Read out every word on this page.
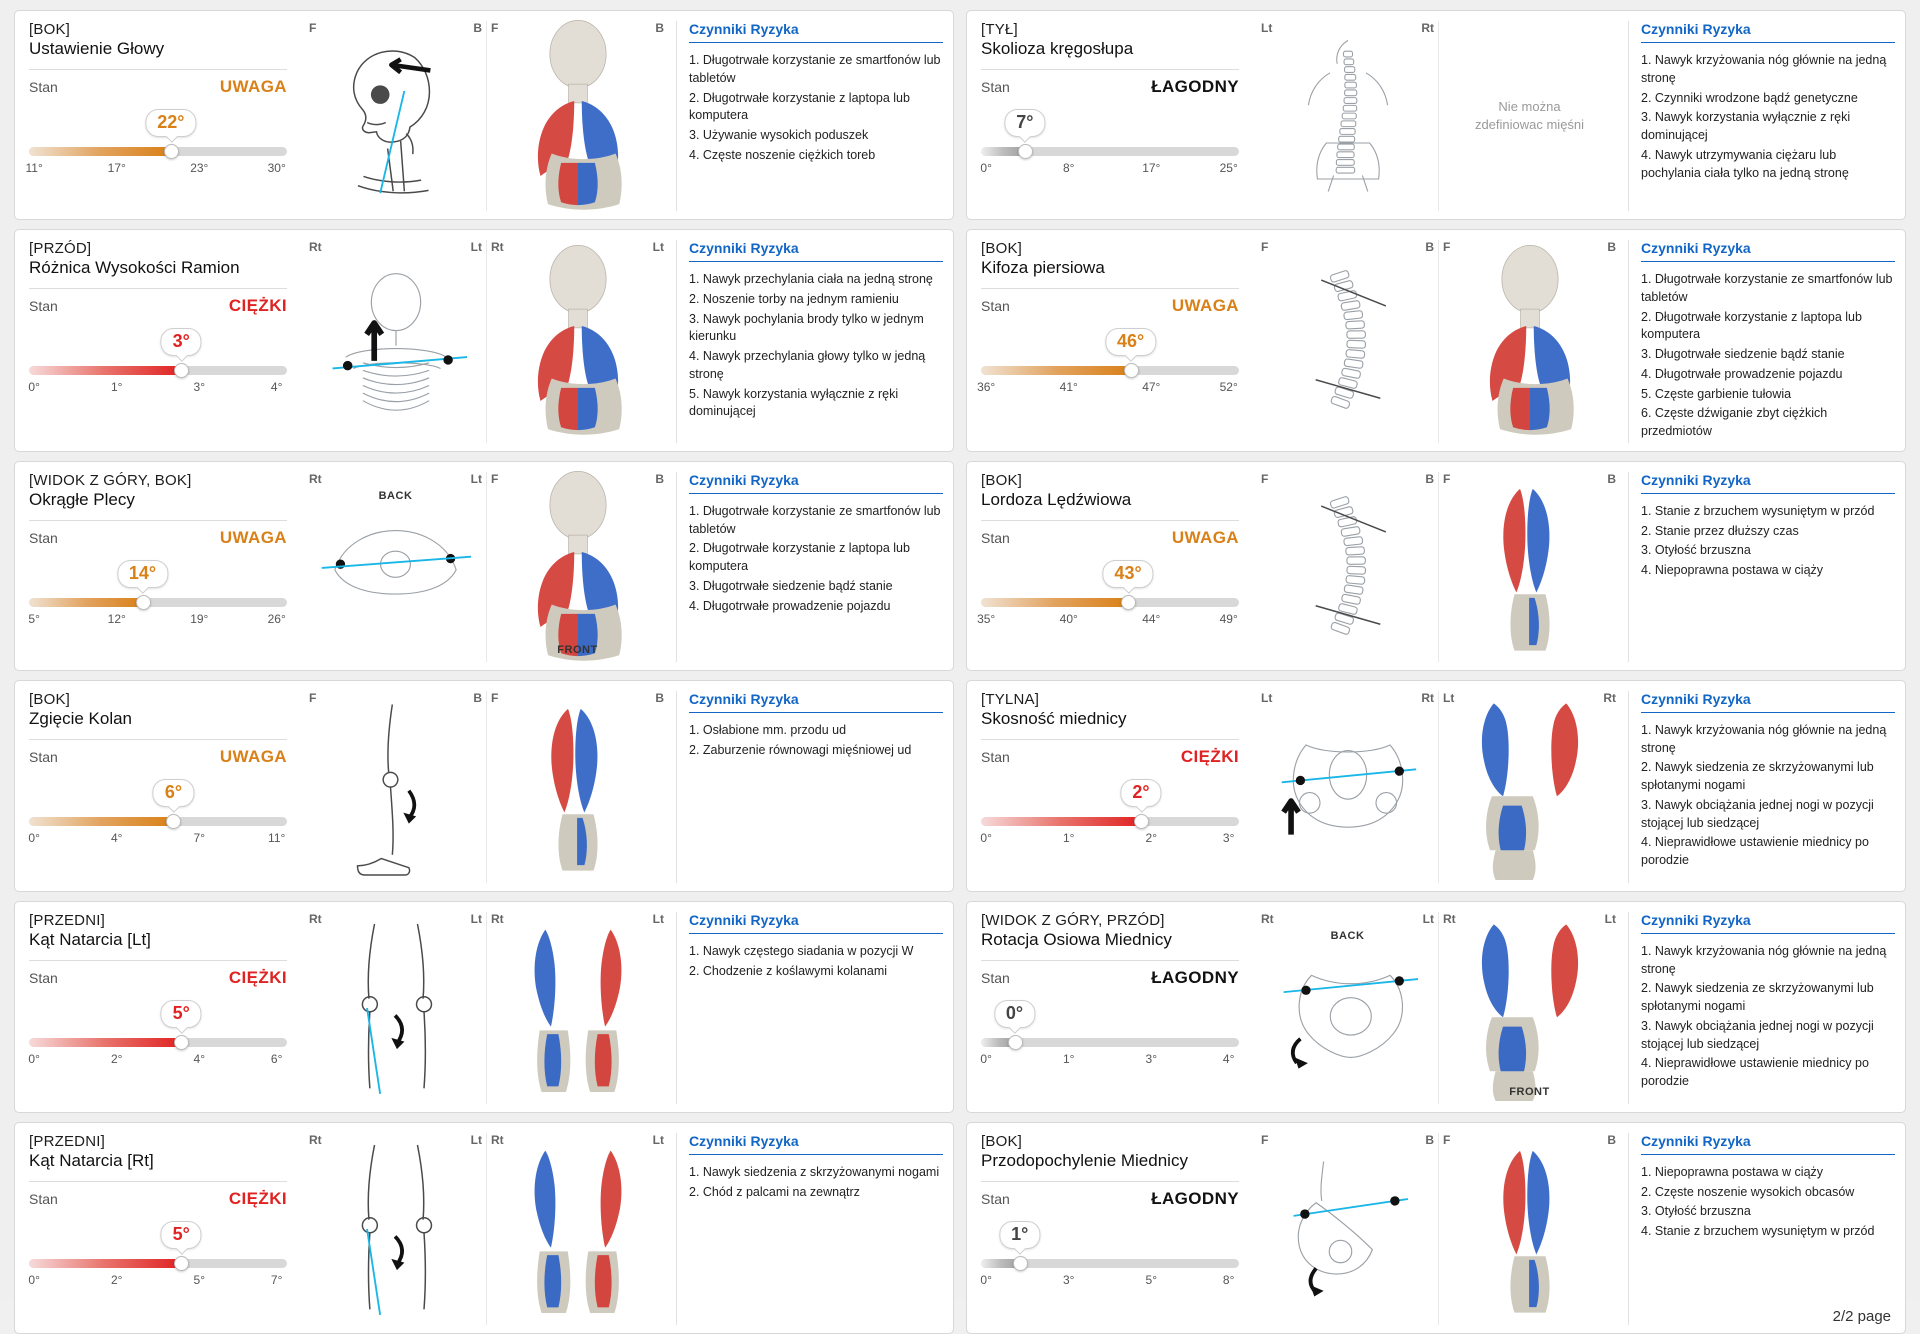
[BOK]
Ustawienie Głowy
Stan	UWAGA
22°
11°	17°	23°	30°
F	B F	B Czynniki Ryzyka
1. Długotrwałe korzystanie ze smartfonów lub tabletów
2. Długotrwałe korzystanie z laptopa lub komputera
3. Używanie wysokich poduszek
4. Częste noszenie ciężkich toreb
[TYŁ]
Skolioza kręgosłupa
Stan	ŁAGODNY
7°
0°	8°	17°	25°
Lt	Rt
Nie można zdefiniowac mięśni
Czynniki Ryzyka
1. Nawyk krzyżowania nóg głównie na jedną stronę
2. Czynniki wrodzone bądź genetyczne
3. Nawyk korzystania wyłącznie z ręki dominującej
4. Nawyk utrzymywania ciężaru lub pochylania ciała tylko na jedną stronę
[PRZÓD]
Różnica Wysokości Ramion
Stan	CIĘŻKI
3°
0°	1°	3°	4°
Rt	Lt Rt	Lt Czynniki Ryzyka
1. Nawyk przechylania ciała na jedną stronę
2. Noszenie torby na jednym ramieniu
3. Nawyk pochylania brody tylko w jednym kierunku
4. Nawyk przechylania głowy tylko w jedną stronę
5. Nawyk korzystania wyłącznie z ręki dominującej
[BOK]
Kifoza piersiowa
Stan	UWAGA
46°
36°	41°	47°	52°
F	B F	B Czynniki Ryzyka
1. Długotrwałe korzystanie ze smartfonów lub tabletów
2. Długotrwałe korzystanie z laptopa lub komputera
3. Długotrwałe siedzenie bądź stanie
4. Długotrwałe prowadzenie pojazdu
5. Częste garbienie tułowia
6. Częste dźwiganie zbyt ciężkich przedmiotów
[WIDOK Z GÓRY, BOK]
Okrągłe Plecy
Stan	UWAGA
14°
5°	12°	19°	26°
Rt	Lt
BACK
F	B
FRONT
Czynniki Ryzyka
1. Długotrwałe korzystanie ze smartfonów lub tabletów
2. Długotrwałe korzystanie z laptopa lub komputera
3. Długotrwałe siedzenie bądź stanie
4. Długotrwałe prowadzenie pojazdu
[BOK]
Lordoza Lędźwiowa
Stan	UWAGA
43°
35°	40°	44°	49°
F	B F	B Czynniki Ryzyka
1. Stanie z brzuchem wysuniętym w przód
2. Stanie przez dłuższy czas
3. Otyłość brzuszna
4. Niepoprawna postawa w ciąży
[BOK]
Zgięcie Kolan
Stan	UWAGA
6°
0°	4°	7°	11°
F	B F	B Czynniki Ryzyka
1. Osłabione mm. przodu ud
2. Zaburzenie równowagi mięśniowej ud
[TYLNA]
Skosność miednicy
Stan	CIĘŻKI
2°
0°	1°	2°	3°
Lt	Rt Lt	Rt Czynniki Ryzyka
1. Nawyk krzyżowania nóg głównie na jedną stronę
2. Nawyk siedzenia ze skrzyżowanymi lub spłotanymi nogami
3. Nawyk obciążania jednej nogi w pozycji stojącej lub siedzącej
4. Nieprawidłowe ustawienie miednicy po porodzie
[PRZEDNI]
Kąt Natarcia [Lt]
Stan	CIĘŻKI
5°
0°	2°	4°	6°
Rt	Lt Rt	Lt Czynniki Ryzyka
1. Nawyk częstego siadania w pozycji W
2. Chodzenie z koślawymi kolanami
[WIDOK Z GÓRY, PRZÓD]
Rotacja Osiowa Miednicy
Stan	ŁAGODNY
0°
0°	1°	3°	4°
Rt	Lt
BACK
Rt	Lt
FRONT
Czynniki Ryzyka
1. Nawyk krzyżowania nóg głównie na jedną stronę
2. Nawyk siedzenia ze skrzyżowanymi lub spłotanymi nogami
3. Nawyk obciążania jednej nogi w pozycji stojącej lub siedzącej
4. Nieprawidłowe ustawienie miednicy po porodzie
[PRZEDNI]
Kąt Natarcia [Rt]
Stan	CIĘŻKI
5°
0°	2°	5°	7°
Rt	Lt Rt	Lt Czynniki Ryzyka
1. Nawyk siedzenia z skrzyżowanymi nogami
2. Chód z palcami na zewnątrz
[BOK]
Przodopochylenie Miednicy
Stan	ŁAGODNY
1°
0°	3°	5°	8°
F	B F	B Czynniki Ryzyka
1. Niepoprawna postawa w ciąży
2. Częste noszenie wysokich obcasów
3. Otyłość brzuszna
4. Stanie z brzuchem wysuniętym w przód
2/2 page
